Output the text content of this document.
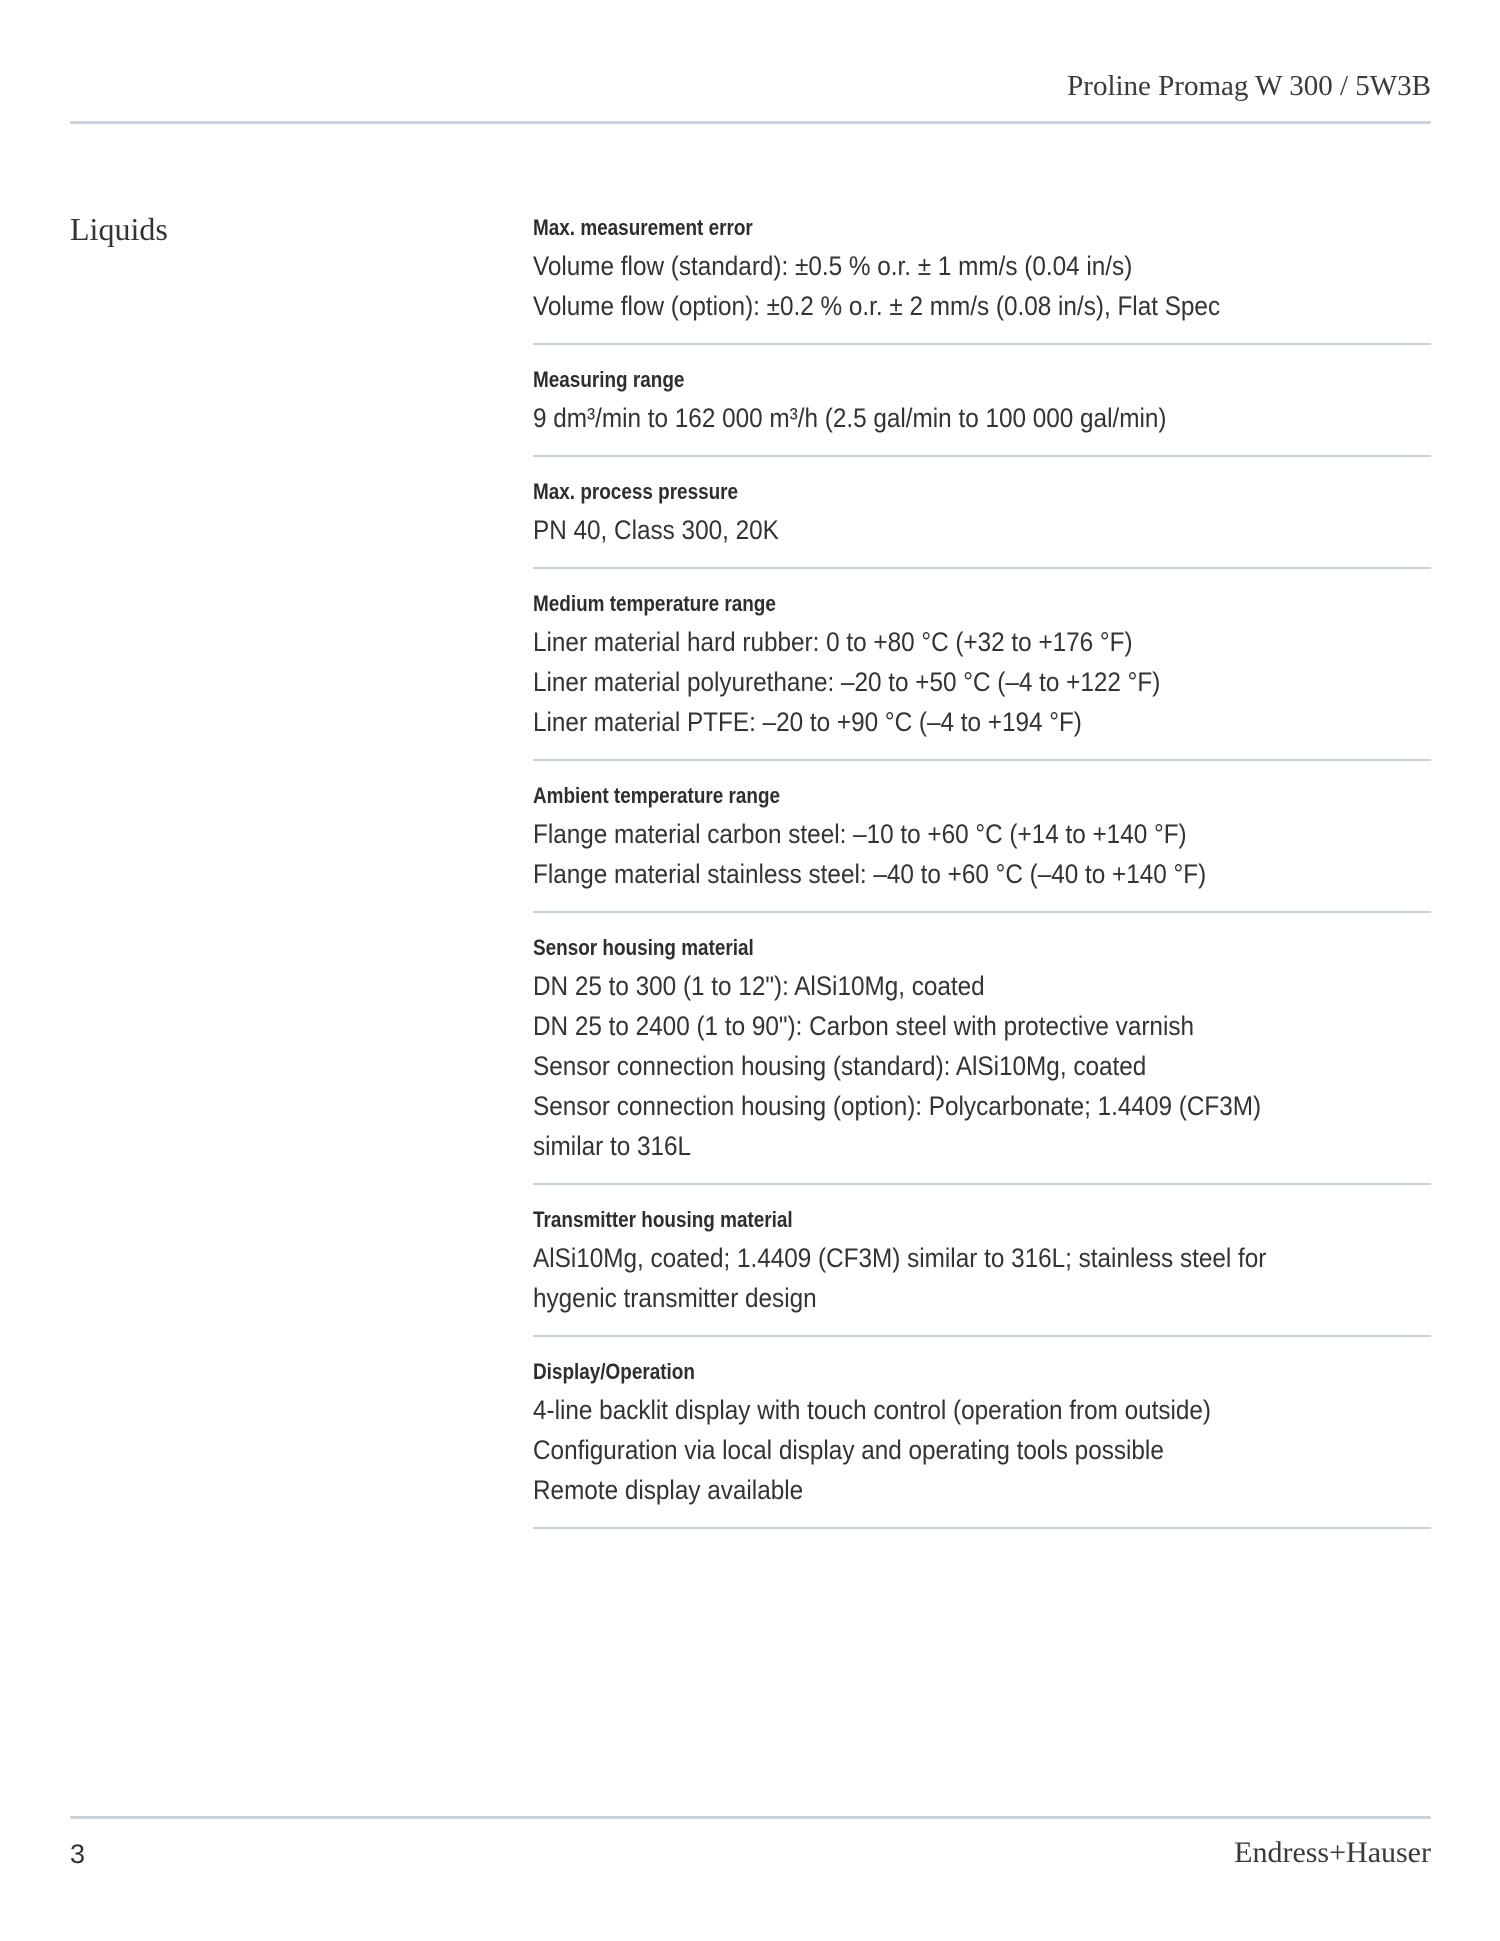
Proline Promag W 300 / 5W3B
Liquids	Max. measurement error
Volume flow (standard): ±0.5 % o.r. ± 1 mm/s (0.04 in/s)
Volume flow (option): ±0.2 % o.r. ± 2 mm/s (0.08 in/s), Flat Spec
Measuring range
9 dm³/min to 162 000 m³/h (2.5 gal/min to 100 000 gal/min)
Max. process pressure
PN 40, Class 300, 20K
Medium temperature range
Liner material hard rubber: 0 to +80 °C (+32 to +176 °F)
Liner material polyurethane: –20 to +50 °C (–4 to +122 °F)
Liner material PTFE: –20 to +90 °C (–4 to +194 °F)
Ambient temperature range
Flange material carbon steel: –10 to +60 °C (+14 to +140 °F)
Flange material stainless steel: –40 to +60 °C (–40 to +140 °F)
Sensor housing material
DN 25 to 300 (1 to 12"): AlSi10Mg, coated
DN 25 to 2400 (1 to 90"): Carbon steel with protective varnish
Sensor connection housing (standard): AlSi10Mg, coated
Sensor connection housing (option): Polycarbonate; 1.4409 (CF3M)
similar to 316L
Transmitter housing material
AlSi10Mg, coated; 1.4409 (CF3M) similar to 316L; stainless steel for
hygenic transmitter design
Display/Operation
4-line backlit display with touch control (operation from outside)
Configuration via local display and operating tools possible
Remote display available
3	Endress+Hauser
